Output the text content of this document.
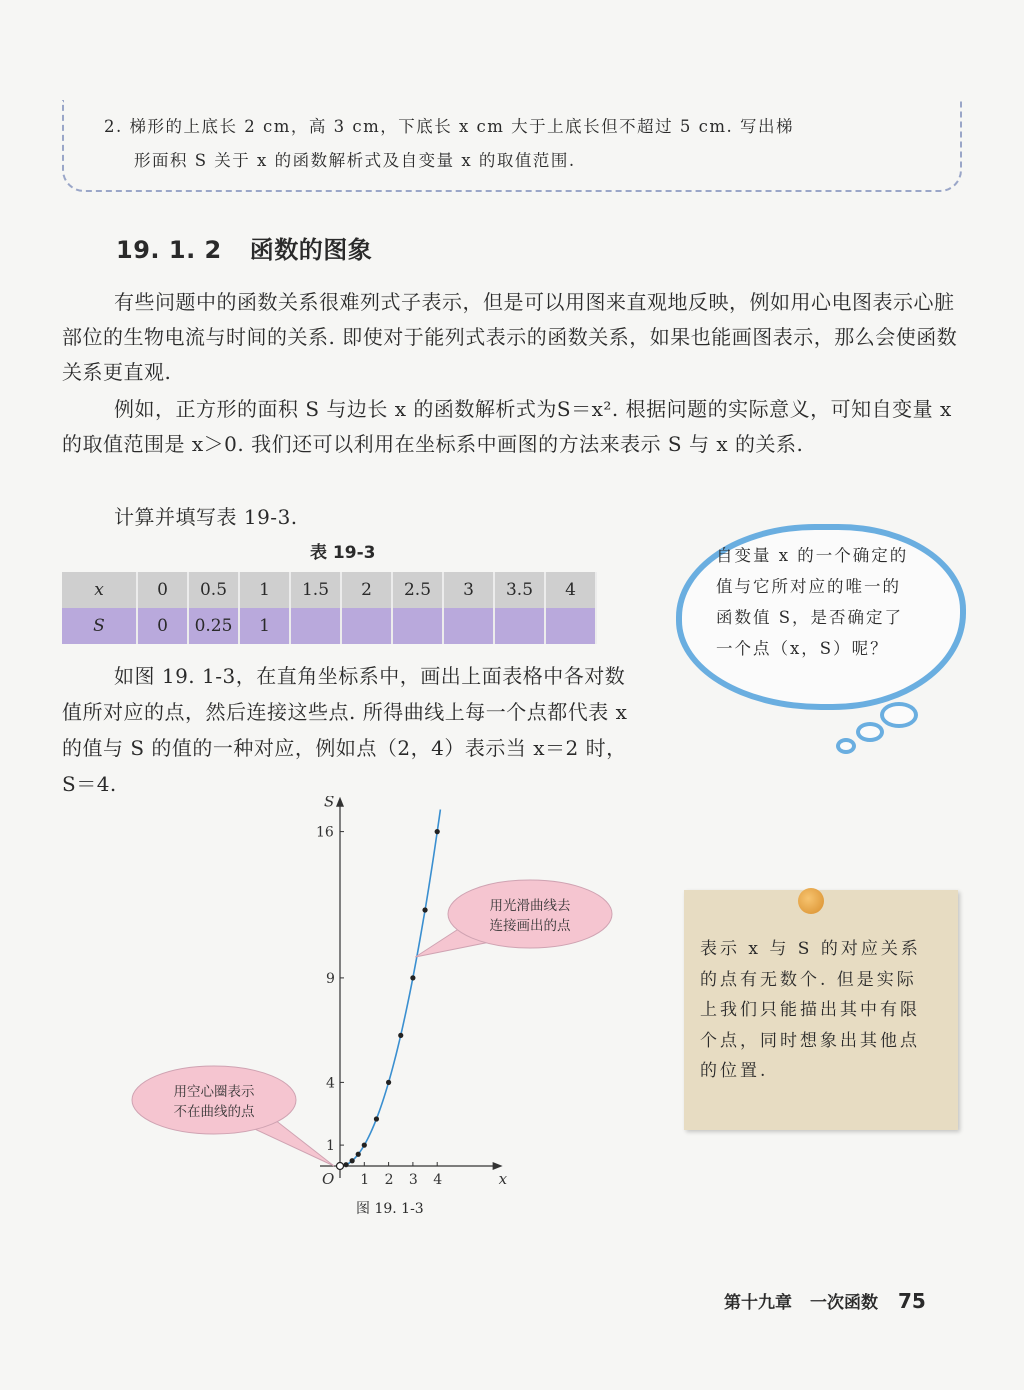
2. 梯形的上底长 2 cm，高 3 cm，下底长 x cm 大于上底长但不超过 5 cm. 写出梯
形面积 S 关于 x 的函数解析式及自变量 x 的取值范围.
19. 1. 2 函数的图象
有些问题中的函数关系很难列式子表示，但是可以用图来直观地反映，例如用心电图表示心脏部位的生物电流与时间的关系. 即使对于能列式表示的函数关系，如果也能画图表示，那么会使函数关系更直观.
例如，正方形的面积 S 与边长 x 的函数解析式为S＝x². 根据问题的实际意义，可知自变量 x 的取值范围是 x＞0. 我们还可以利用在坐标系中画图的方法来表示 S 与 x 的关系.
计算并填写表 19-3.
表 19-3
x	0	0.5	1	1.5	2	2.5	3	3.5	4
S	0	0.25	1						
自变量 x 的一个确定的值与它所对应的唯一的函数值 S，是否确定了一个点（x，S）呢？
如图 19. 1-3，在直角坐标系中，画出上面表格中各对数值所对应的点，然后连接这些点. 所得曲线上每一个点都代表 x 的值与 S 的值的一种对应，例如点（2，4）表示当 x＝2 时，S＝4.
表示 x 与 S 的对应关系的点有无数个. 但是实际上我们只能描出其中有限个点，同时想象出其他点的位置.
x
S
O 1 2 3 4
1
4
9
16
用光滑曲线去
连接画出的点
用空心圈表示
不在曲线的点
图 19. 1-3
第十九章 一次函数 75
